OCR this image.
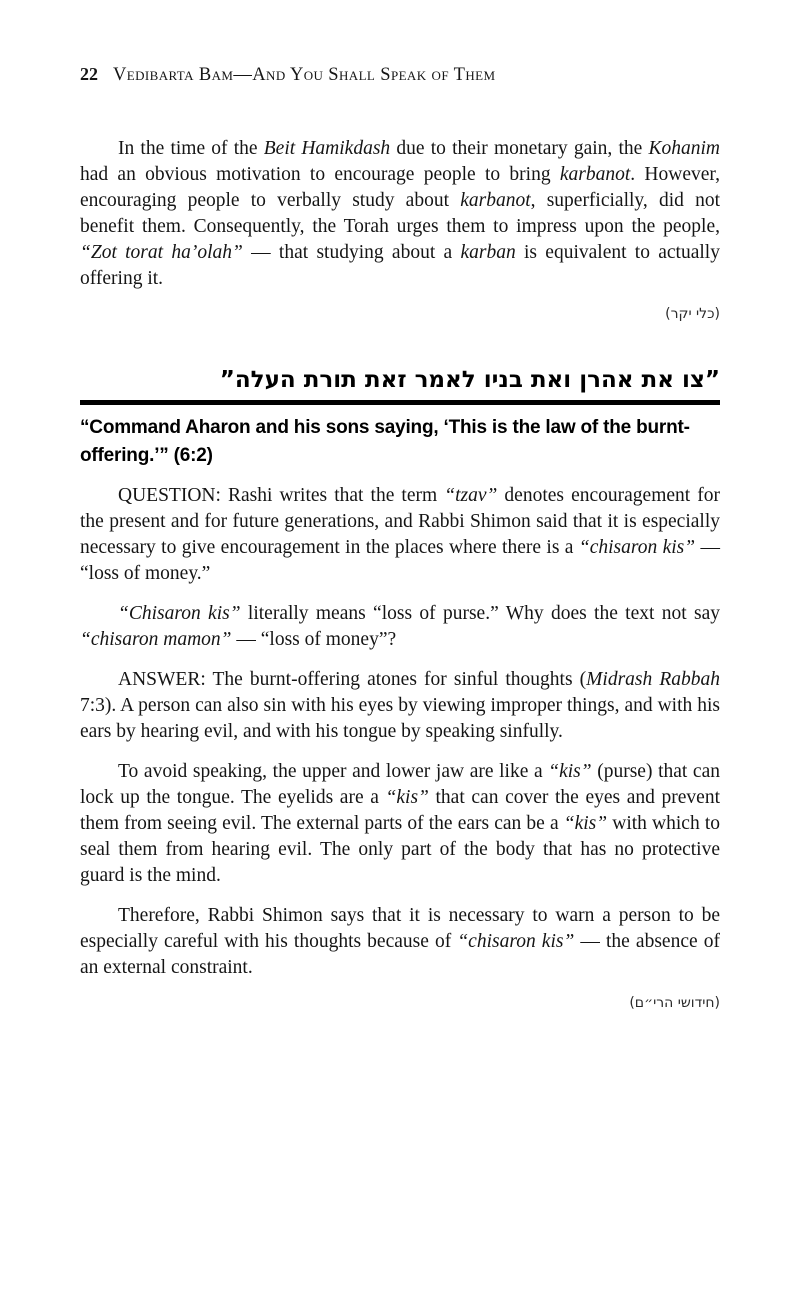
22 Vedibarta Bam—And You Shall Speak of Them

In the time of the Beit Hamikdash due to their monetary gain, the Kohanim had an obvious motivation to encourage people to bring karbanot. However, encouraging people to verbally study about karbanot, superficially, did not benefit them. Consequently, the Torah urges them to impress upon the people, “Zot torat ha’olah” — that studying about a karban is equivalent to actually offering it.

(כלי יקר)

”צו את אהרן ואת בניו לאמר זאת תורת העלה”
“Command Aharon and his sons saying, ‘This is the law of the burnt-offering.’” (6:2)

QUESTION: Rashi writes that the term “tzav” denotes encouragement for the present and for future generations, and Rabbi Shimon said that it is especially necessary to give encouragement in the places where there is a “chisaron kis” — “loss of money.”

“Chisaron kis” literally means “loss of purse.” Why does the text not say “chisaron mamon” — “loss of money”?

ANSWER: The burnt-offering atones for sinful thoughts (Midrash Rabbah 7:3). A person can also sin with his eyes by viewing improper things, and with his ears by hearing evil, and with his tongue by speaking sinfully.

To avoid speaking, the upper and lower jaw are like a “kis” (purse) that can lock up the tongue. The eyelids are a “kis” that can cover the eyes and prevent them from seeing evil. The external parts of the ears can be a “kis” with which to seal them from hearing evil. The only part of the body that has no protective guard is the mind.

Therefore, Rabbi Shimon says that it is necessary to warn a person to be especially careful with his thoughts because of “chisaron kis” — the absence of an external constraint.

(חידושי הרי״ם)
